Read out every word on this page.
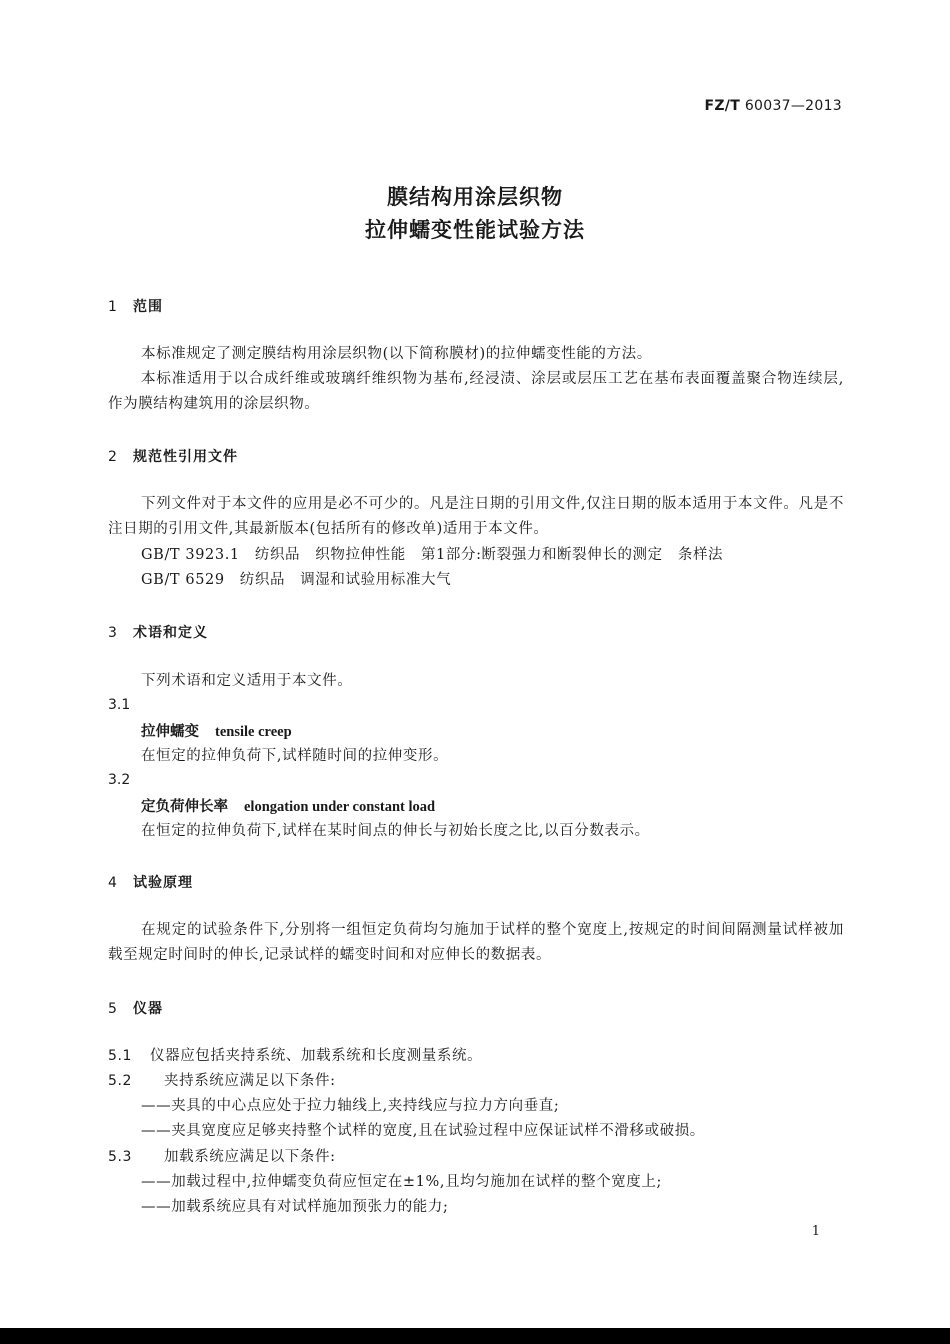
FZ/T 60037—2013
膜结构用涂层织物
拉伸蠕变性能试验方法
1 范围
本标准规定了测定膜结构用涂层织物(以下简称膜材)的拉伸蠕变性能的方法。
本标准适用于以合成纤维或玻璃纤维织物为基布,经浸渍、涂层或层压工艺在基布表面覆盖聚合物连续层,作为膜结构建筑用的涂层织物。
2 规范性引用文件
下列文件对于本文件的应用是必不可少的。凡是注日期的引用文件,仅注日期的版本适用于本文件。凡是不注日期的引用文件,其最新版本(包括所有的修改单)适用于本文件。
GB/T 3923.1　纺织品　织物拉伸性能　第1部分:断裂强力和断裂伸长的测定　条样法
GB/T 6529　纺织品　调湿和试验用标准大气
3 术语和定义
下列术语和定义适用于本文件。
3.1
拉伸蠕变 tensile creep
在恒定的拉伸负荷下,试样随时间的拉伸变形。
3.2
定负荷伸长率 elongation under constant load
在恒定的拉伸负荷下,试样在某时间点的伸长与初始长度之比,以百分数表示。
4 试验原理
在规定的试验条件下,分别将一组恒定负荷均匀施加于试样的整个宽度上,按规定的时间间隔测量试样被加载至规定时间时的伸长,记录试样的蠕变时间和对应伸长的数据表。
5 仪器
5.1 仪器应包括夹持系统、加载系统和长度测量系统。
5.2 夹持系统应满足以下条件:
——夹具的中心点应处于拉力轴线上,夹持线应与拉力方向垂直;
——夹具宽度应足够夹持整个试样的宽度,且在试验过程中应保证试样不滑移或破损。
5.3 加载系统应满足以下条件:
——加载过程中,拉伸蠕变负荷应恒定在±1%,且均匀施加在试样的整个宽度上;
——加载系统应具有对试样施加预张力的能力;
1
